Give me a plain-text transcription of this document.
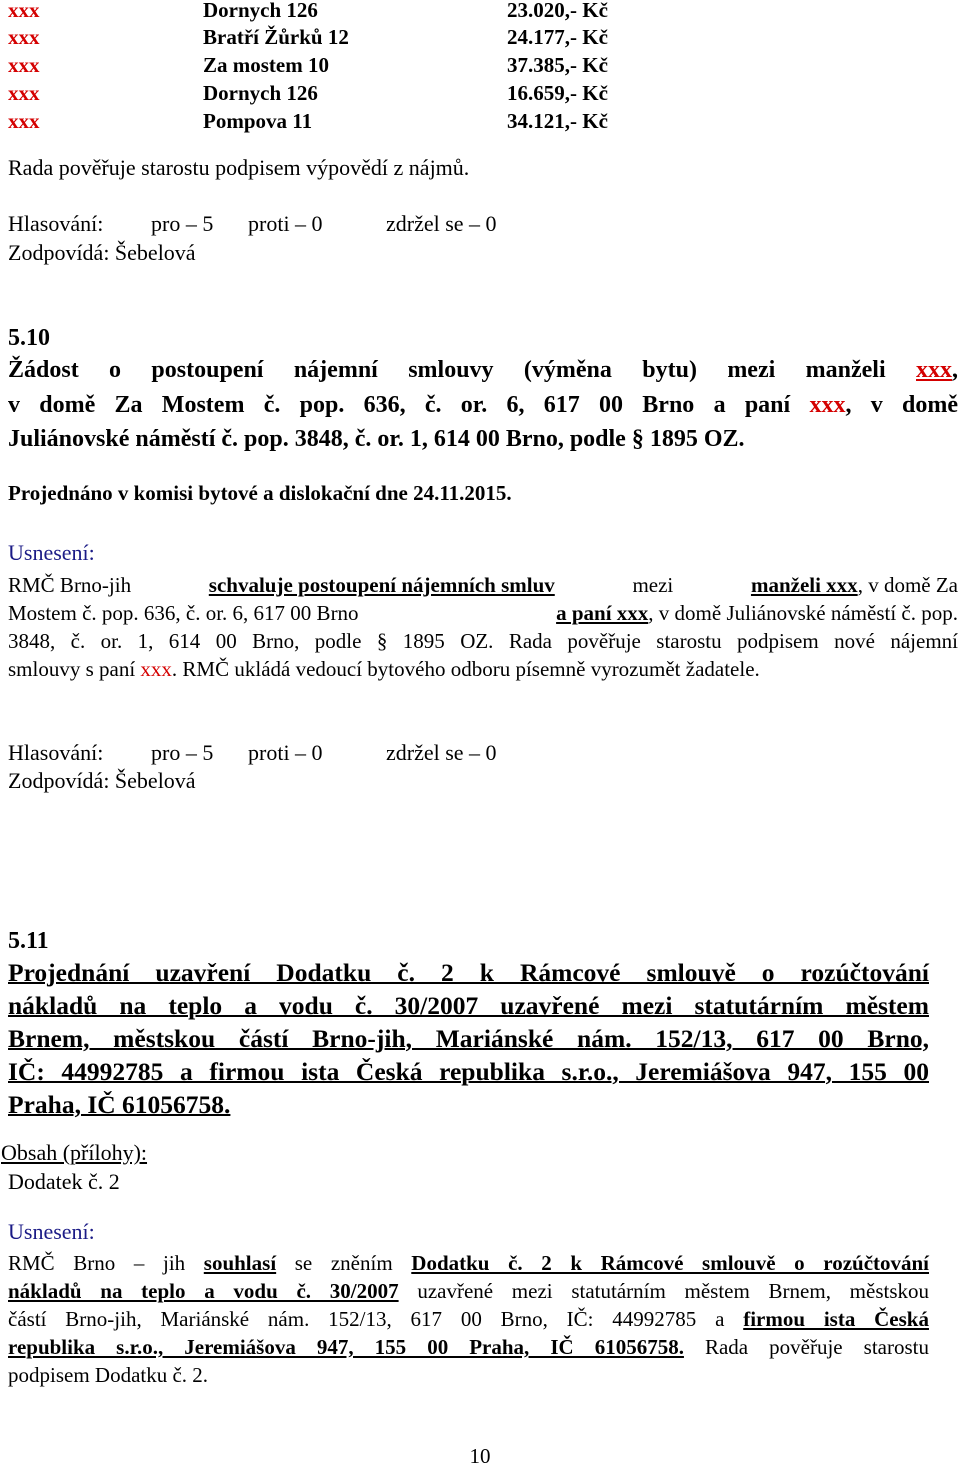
xxx	Dornych 126	23.020,- Kč
xxx	Bratří Žůrků 12	24.177,- Kč
xxx	Za mostem 10	37.385,- Kč
xxx	Dornych 126	16.659,- Kč
xxx	Pompova 11	34.121,- Kč
Rada pověřuje starostu podpisem výpovědí z nájmů.
Hlasování: pro – 5 proti – 0	zdržel se – 0
Zodpovídá: Šebelová
5.10
Žádost o postoupení nájemní smlouvy (výměna bytu) mezi manželi xxx,
v domě Za Mostem č. pop. 636, č. or. 6, 617 00 Brno a paní xxx, v domě
Juliánovské náměstí č. pop. 3848, č. or. 1, 614 00 Brno, podle § 1895 OZ.
Projednáno v komisi bytové a dislokační dne 24.11.2015.
Usnesení:
RMČ Brno-jih	schvaluje postoupení nájemních smluv	mezi	manželi xxx, v domě Za
Mostem č. pop. 636, č. or. 6, 617 00 Brno	a paní xxx, v domě Juliánovské náměstí č. pop.
3848, č. or. 1, 614 00 Brno, podle § 1895 OZ. Rada pověřuje starostu podpisem nové nájemní
smlouvy s paní xxx. RMČ ukládá vedoucí bytového odboru písemně vyrozumět žadatele.
Hlasování: pro – 5 proti – 0	zdržel se – 0
Zodpovídá: Šebelová
5.11
Projednání uzavření Dodatku č. 2 k Rámcové smlouvě o rozúčtování
nákladů na teplo a vodu č. 30/2007 uzavřené mezi statutárním městem
Brnem, městskou částí Brno-jih, Mariánské nám. 152/13, 617 00 Brno,
IČ: 44992785 a firmou ista Česká republika s.r.o., Jeremiášova 947, 155 00
Praha, IČ 61056758.
Obsah (přílohy):
Dodatek č. 2
Usnesení:
RMČ Brno – jih souhlasí se zněním Dodatku č. 2 k Rámcové smlouvě o rozúčtování
nákladů na teplo a vodu č. 30/2007 uzavřené mezi statutárním městem Brnem, městskou
částí Brno-jih, Mariánské nám. 152/13, 617 00 Brno, IČ: 44992785 a firmou ista Česká
republika s.r.o., Jeremiášova 947, 155 00 Praha, IČ 61056758. Rada pověřuje starostu
podpisem Dodatku č. 2.
10
